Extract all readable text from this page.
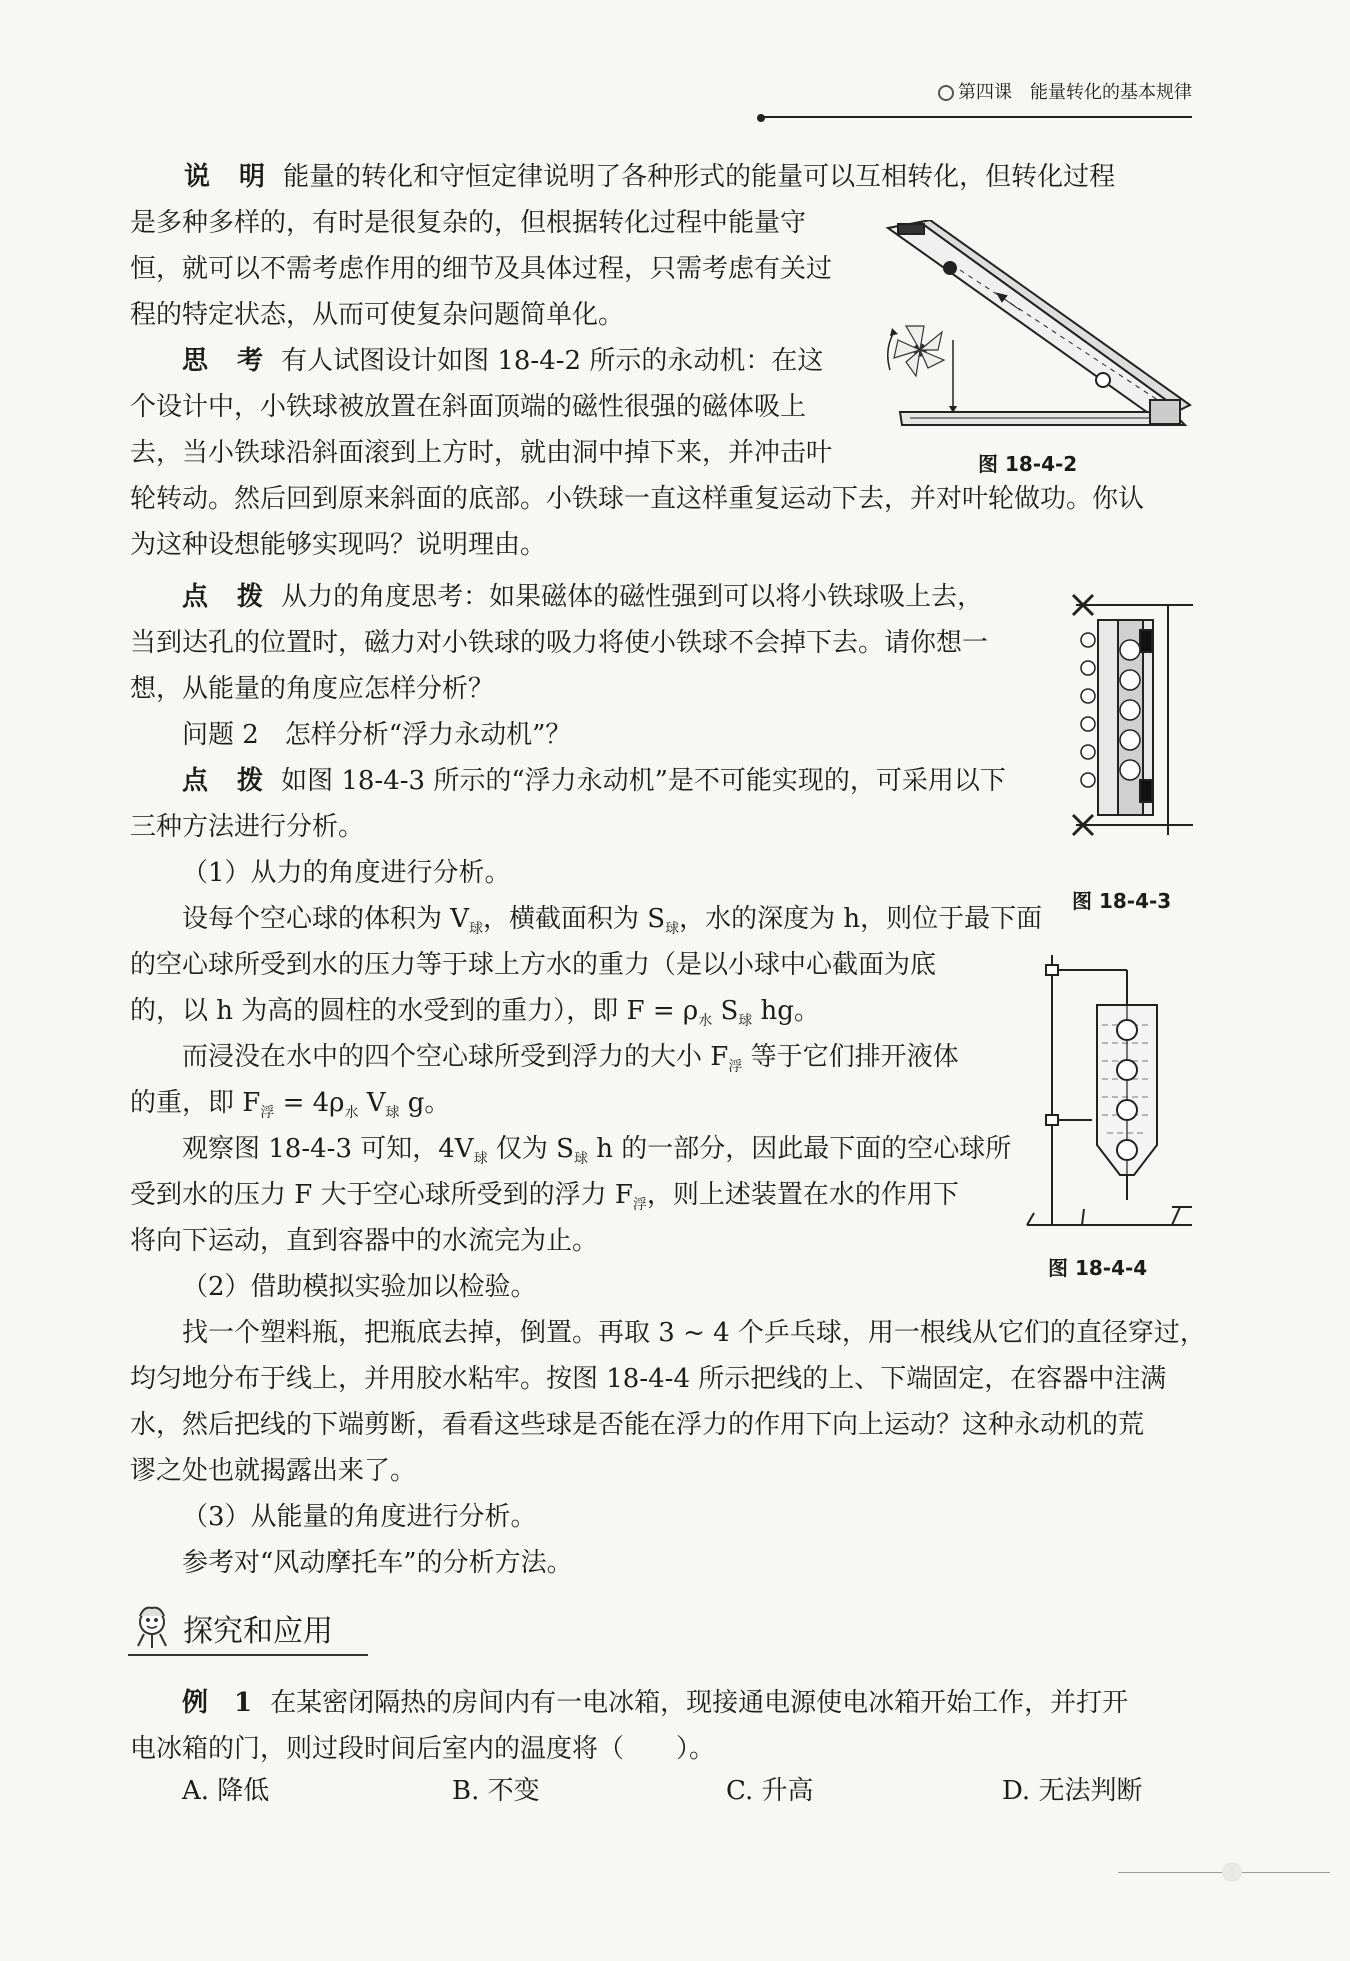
第四课 能量转化的基本规律
说 明 能量的转化和守恒定律说明了各种形式的能量可以互相转化，但转化过程
是多种多样的，有时是很复杂的，但根据转化过程中能量守
恒，就可以不需考虑作用的细节及具体过程，只需考虑有关过
程的特定状态，从而可使复杂问题简单化。
思 考 有人试图设计如图 18-4-2 所示的永动机：在这
个设计中，小铁球被放置在斜面顶端的磁性很强的磁体吸上
去，当小铁球沿斜面滚到上方时，就由洞中掉下来，并冲击叶
轮转动。然后回到原来斜面的底部。小铁球一直这样重复运动下去，并对叶轮做功。你认
为这种设想能够实现吗？说明理由。
图 18-4-2
点 拨 从力的角度思考：如果磁体的磁性强到可以将小铁球吸上去，
当到达孔的位置时，磁力对小铁球的吸力将使小铁球不会掉下去。请你想一
想，从能量的角度应怎样分析？
问题 2　怎样分析“浮力永动机”？
点 拨 如图 18-4-3 所示的“浮力永动机”是不可能实现的，可采用以下
三种方法进行分析。
（1）从力的角度进行分析。
图 18-4-3
设每个空心球的体积为 $V_球$，横截面积为 $S_球$，水的深度为 h，则位于最下面
的空心球所受到水的压力等于球上方水的重力（是以小球中心截面为底
的，以 h 为高的圆柱的水受到的重力），即 $F = \rho_水$ $S_球$ hg。
而浸没在水中的四个空心球所受到浮力的大小 $F_浮$ 等于它们排开液体
的重，即 $F_浮 = 4\rho_水$ $V_球$ g。
观察图 18-4-3 可知，$4V_球$ 仅为 $S_球$ h 的一部分，因此最下面的空心球所
受到水的压力 F 大于空心球所受到的浮力 $F_浮$，则上述装置在水的作用下
将向下运动，直到容器中的水流完为止。
图 18-4-4
（2）借助模拟实验加以检验。
找一个塑料瓶，把瓶底去掉，倒置。再取 3 ~ 4 个乒乓球，用一根线从它们的直径穿过，
均匀地分布于线上，并用胶水粘牢。按图 18-4-4 所示把线的上、下端固定，在容器中注满
水，然后把线的下端剪断，看看这些球是否能在浮力的作用下向上运动？这种永动机的荒
谬之处也就揭露出来了。
（3）从能量的角度进行分析。
参考对“风动摩托车”的分析方法。
探究和应用
例　1 在某密闭隔热的房间内有一电冰箱，现接通电源使电冰箱开始工作，并打开
电冰箱的门，则过段时间后室内的温度将（　　）。
A. 降低	B. 不变	C. 升高	D. 无法判断
